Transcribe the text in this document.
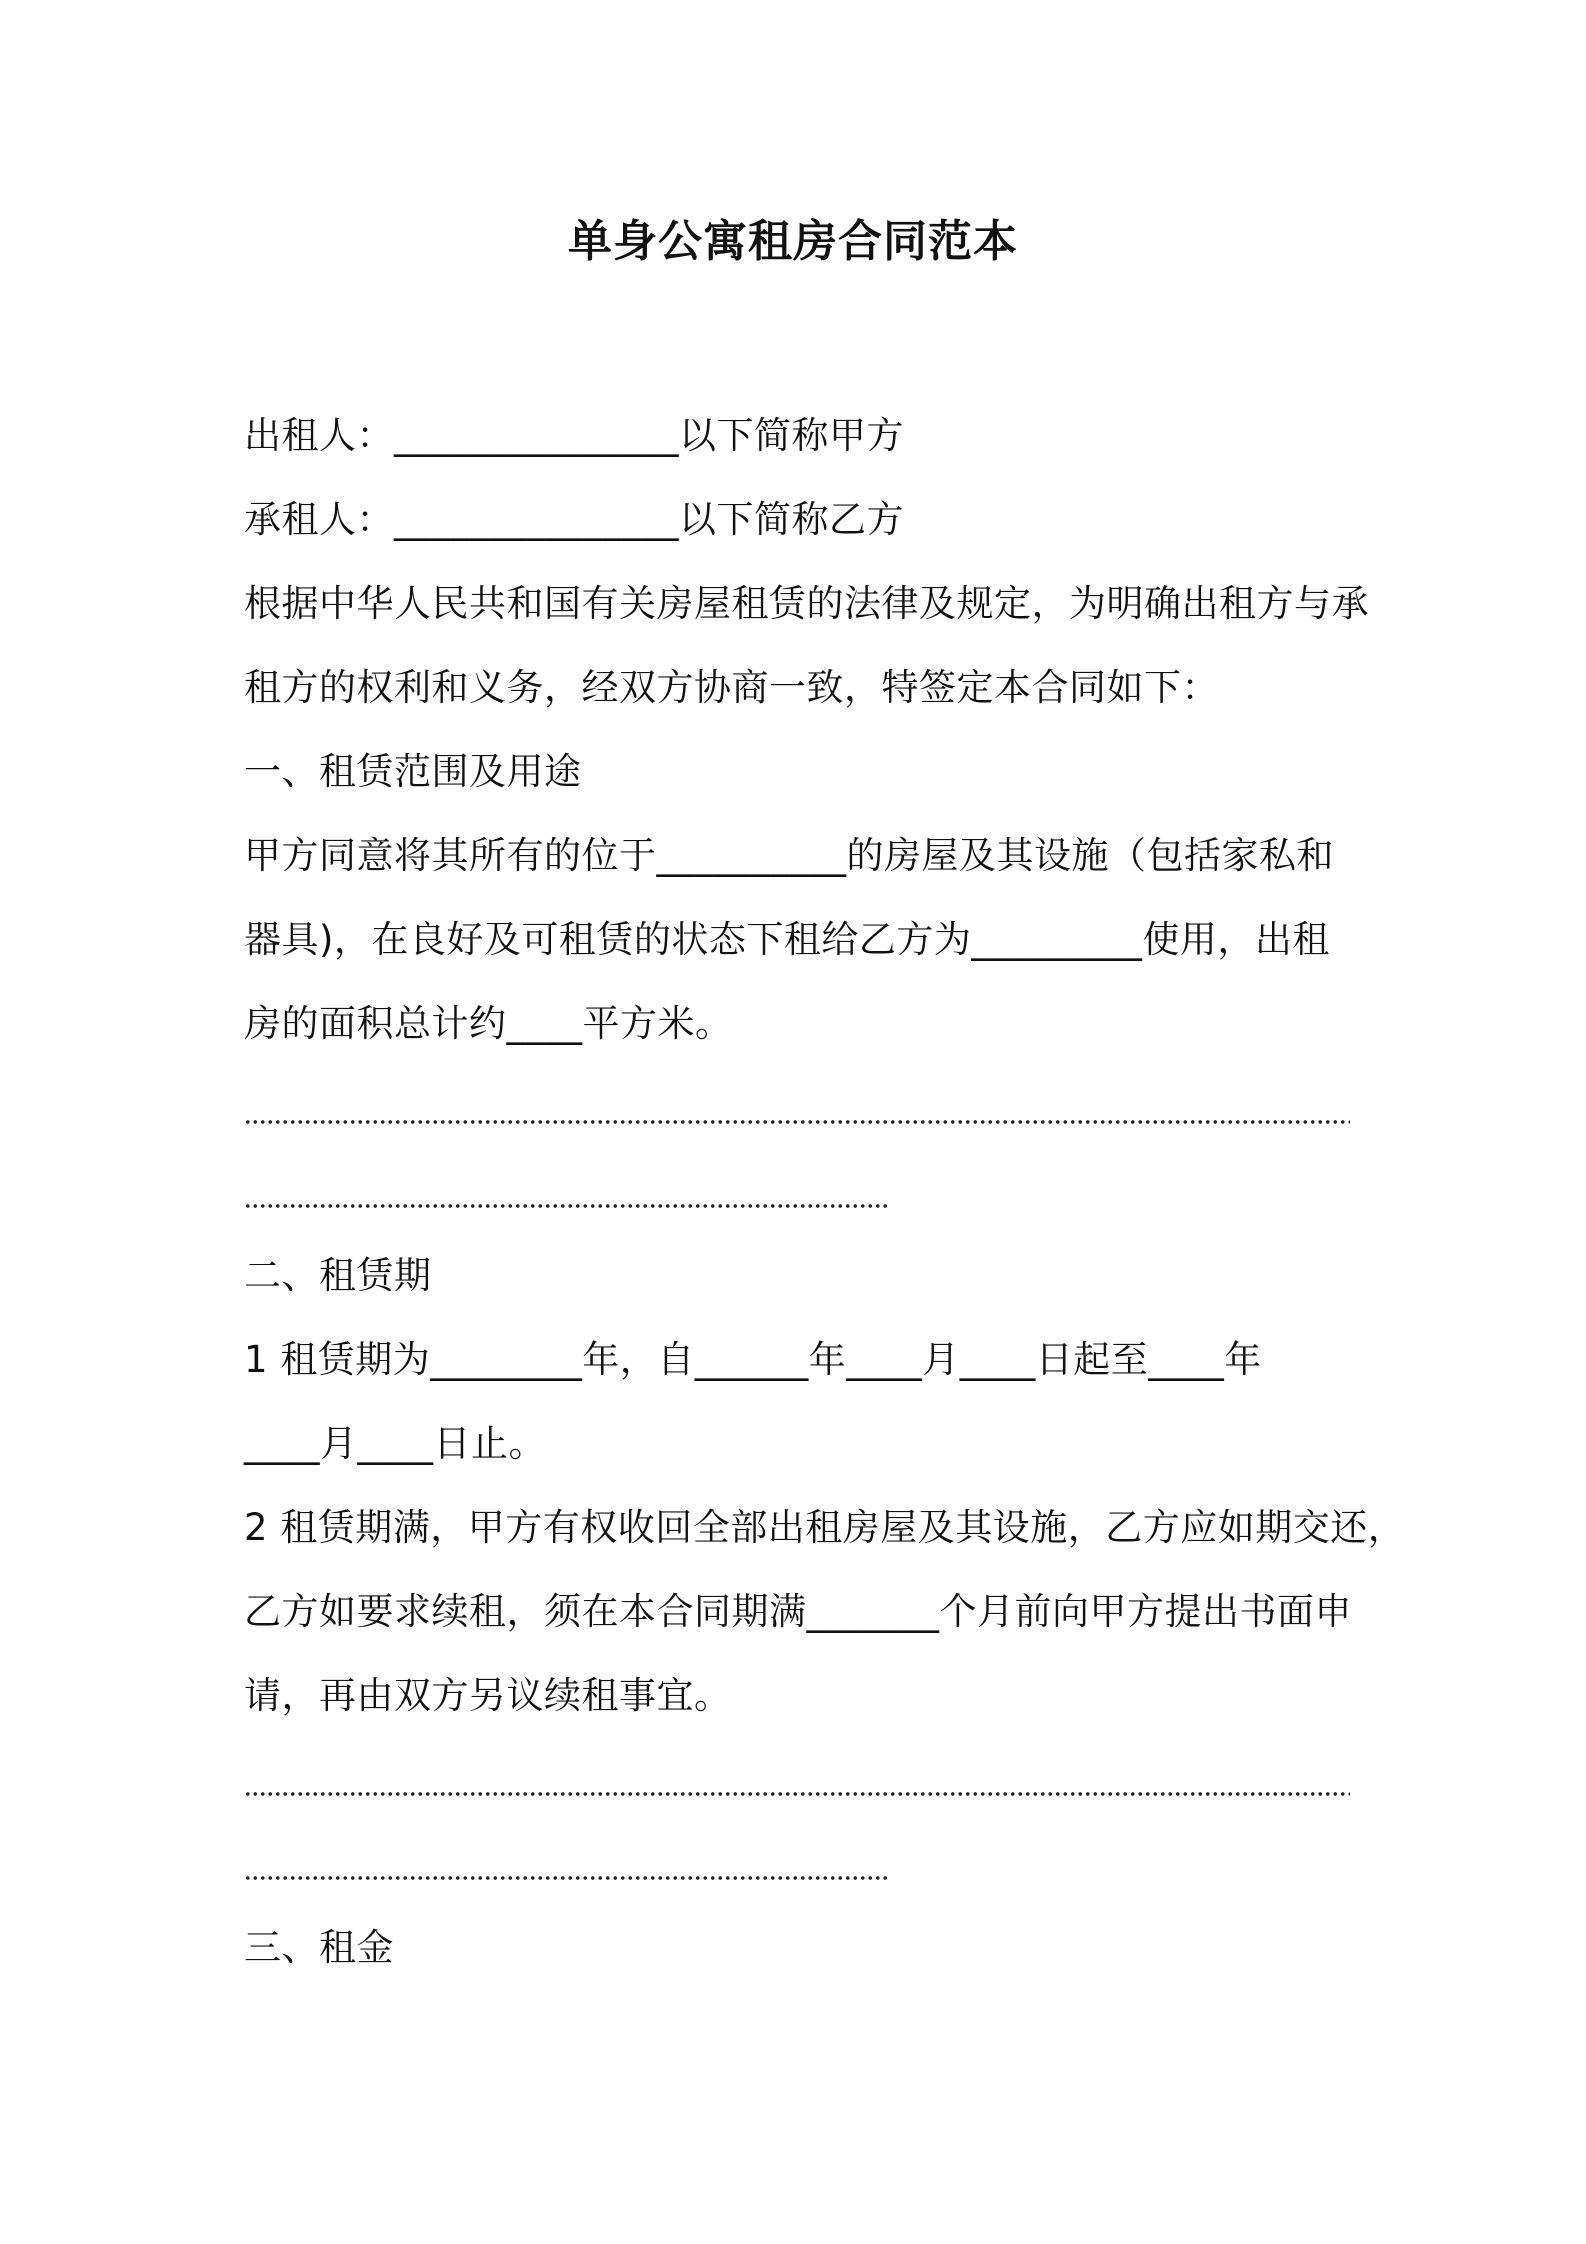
单身公寓租房合同范本
出租人：_______________以下简称甲方
承租人：_______________以下简称乙方
根据中华人民共和国有关房屋租赁的法律及规定，为明确出租方与承
租方的权利和义务，经双方协商一致，特签定本合同如下：
一、租赁范围及用途
甲方同意将其所有的位于__________的房屋及其设施（包括家私和
器具)，在良好及可租赁的状态下租给乙方为_________使用，出租
房的面积总计约____平方米。
二、租赁期
1 租赁期为________年，自______年____月____日起至____年
____月____日止。
2 租赁期满，甲方有权收回全部出租房屋及其设施，乙方应如期交还，
乙方如要求续租，须在本合同期满_______个月前向甲方提出书面申
请，再由双方另议续租事宜。
三、租金
